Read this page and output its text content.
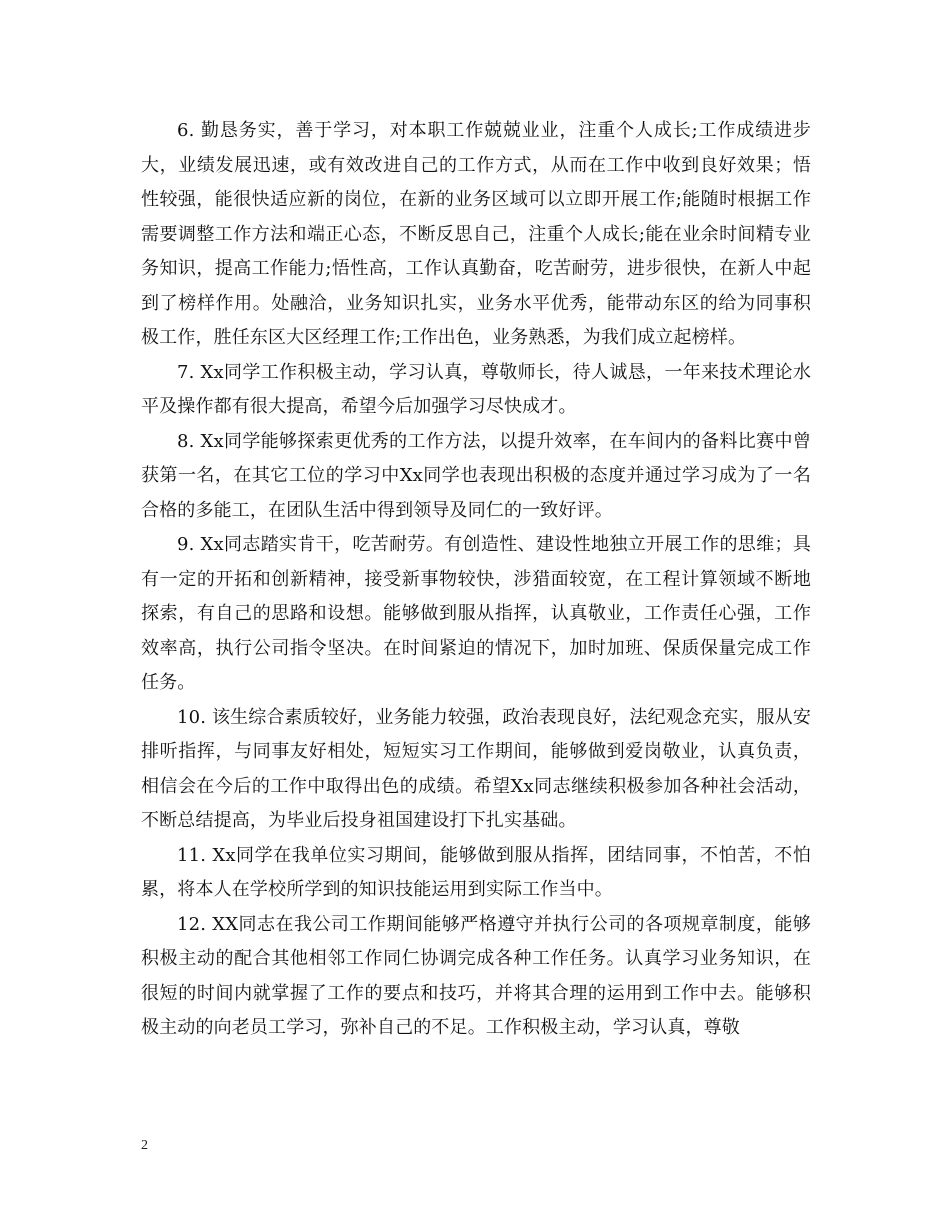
6. 勤恳务实，善于学习，对本职工作兢兢业业，注重个人成长;工作成绩进步大，业绩发展迅速，或有效改进自己的工作方式，从而在工作中收到良好效果；悟性较强，能很快适应新的岗位，在新的业务区域可以立即开展工作;能随时根据工作需要调整工作方法和端正心态，不断反思自己，注重个人成长;能在业余时间精专业务知识，提高工作能力;悟性高，工作认真勤奋，吃苦耐劳，进步很快，在新人中起到了榜样作用。处融洽，业务知识扎实，业务水平优秀，能带动东区的给为同事积极工作，胜任东区大区经理工作;工作出色，业务熟悉，为我们成立起榜样。

7. Xx同学工作积极主动，学习认真，尊敬师长，待人诚恳，一年来技术理论水平及操作都有很大提高，希望今后加强学习尽快成才。

8. Xx同学能够探索更优秀的工作方法，以提升效率，在车间内的备料比赛中曾获第一名，在其它工位的学习中Xx同学也表现出积极的态度并通过学习成为了一名合格的多能工，在团队生活中得到领导及同仁的一致好评。

9. Xx同志踏实肯干，吃苦耐劳。有创造性、建设性地独立开展工作的思维；具有一定的开拓和创新精神，接受新事物较快，涉猎面较宽，在工程计算领域不断地探索，有自己的思路和设想。能够做到服从指挥，认真敬业，工作责任心强，工作效率高，执行公司指令坚决。在时间紧迫的情况下，加时加班、保质保量完成工作任务。

10. 该生综合素质较好，业务能力较强，政治表现良好，法纪观念充实，服从安排听指挥，与同事友好相处，短短实习工作期间，能够做到爱岗敬业，认真负责，相信会在今后的工作中取得出色的成绩。希望Xx同志继续积极参加各种社会活动，不断总结提高，为毕业后投身祖国建设打下扎实基础。

11. Xx同学在我单位实习期间，能够做到服从指挥，团结同事，不怕苦，不怕累，将本人在学校所学到的知识技能运用到实际工作当中。

12. XX同志在我公司工作期间能够严格遵守并执行公司的各项规章制度，能够积极主动的配合其他相邻工作同仁协调完成各种工作任务。认真学习业务知识，在很短的时间内就掌握了工作的要点和技巧，并将其合理的运用到工作中去。能够积极主动的向老员工学习，弥补自己的不足。工作积极主动，学习认真，尊敬

2
